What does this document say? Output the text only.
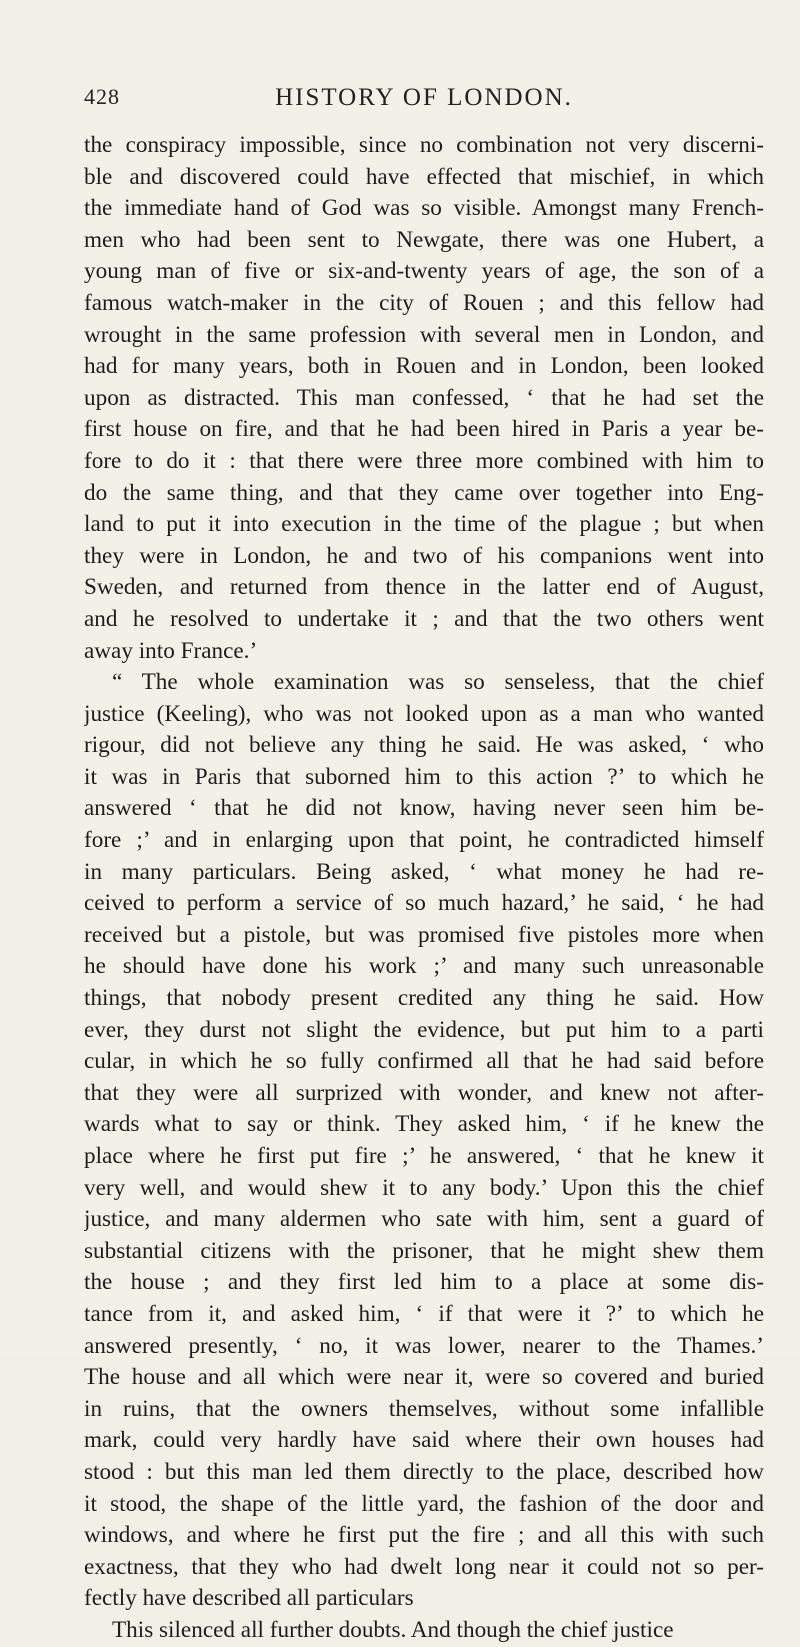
428	HISTORY OF LONDON.

the conspiracy impossible, since no combination not very discerni-
ble and discovered could have effected that mischief, in which
the immediate hand of God was so visible. Amongst many French-
men who had been sent to Newgate, there was one Hubert, a
young man of five or six-and-twenty years of age, the son of a
famous watch-maker in the city of Rouen ; and this fellow had
wrought in the same profession with several men in London, and
had for many years, both in Rouen and in London, been looked
upon as distracted. This man confessed, ‘ that he had set the
first house on fire, and that he had been hired in Paris a year be-
fore to do it : that there were three more combined with him to
do the same thing, and that they came over together into Eng-
land to put it into execution in the time of the plague ; but when
they were in London, he and two of his companions went into
Sweden, and returned from thence in the latter end of August,
and he resolved to undertake it ; and that the two others went
away into France.’

“ The whole examination was so senseless, that the chief
justice (Keeling), who was not looked upon as a man who wanted
rigour, did not believe any thing he said. He was asked, ‘ who
it was in Paris that suborned him to this action ?’ to which he
answered ‘ that he did not know, having never seen him be-
fore ;’ and in enlarging upon that point, he contradicted himself
in many particulars. Being asked, ‘ what money he had re-
ceived to perform a service of so much hazard,’ he said, ‘ he had
received but a pistole, but was promised five pistoles more when
he should have done his work ;’ and many such unreasonable
things, that nobody present credited any thing he said. How
ever, they durst not slight the evidence, but put him to a parti
cular, in which he so fully confirmed all that he had said before
that they were all surprized with wonder, and knew not after-
wards what to say or think. They asked him, ‘ if he knew the
place where he first put fire ;’ he answered, ‘ that he knew it
very well, and would shew it to any body.’ Upon this the chief
justice, and many aldermen who sate with him, sent a guard of
substantial citizens with the prisoner, that he might shew them
the house ; and they first led him to a place at some dis-
tance from it, and asked him, ‘ if that were it ?’ to which he
answered presently, ‘ no, it was lower, nearer to the Thames.’
The house and all which were near it, were so covered and buried
in ruins, that the owners themselves, without some infallible
mark, could very hardly have said where their own houses had
stood : but this man led them directly to the place, described how
it stood, the shape of the little yard, the fashion of the door and
windows, and where he first put the fire ; and all this with such
exactness, that they who had dwelt long near it could not so per-
fectly have described all particulars
This silenced all further doubts. And though the chief justice
